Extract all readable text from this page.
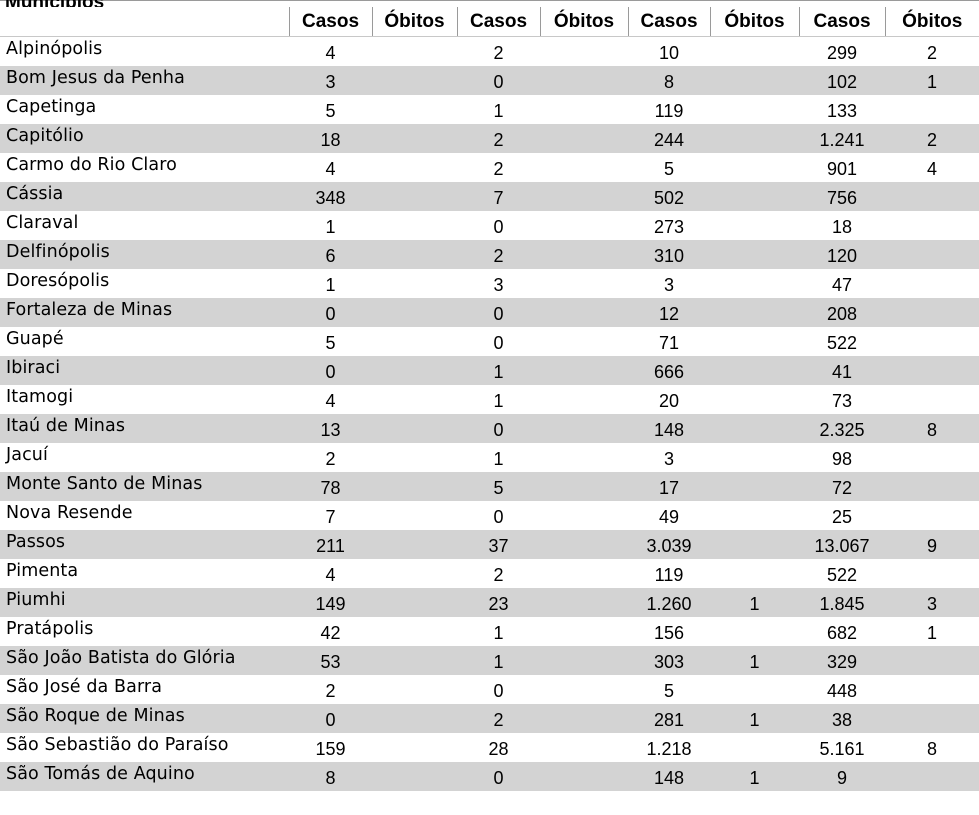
	Casos	Óbitos	Casos	Óbitos	Casos	Óbitos	Casos	Óbitos
Alpinópolis	4		2		10		299	2
Bom Jesus da Penha	3		0		8		102	1
Capetinga	5		1		119		133	
Capitólio	18		2		244		1.241	2
Carmo do Rio Claro	4		2		5		901	4
Cássia	348		7		502		756	
Claraval	1		0		273		18	
Delfinópolis	6		2		310		120	
Doresópolis	1		3		3		47	
Fortaleza de Minas	0		0		12		208	
Guapé	5		0		71		522	
Ibiraci	0		1		666		41	
Itamogi	4		1		20		73	
Itaú de Minas	13		0		148		2.325	8
Jacuí	2		1		3		98	
Monte Santo de Minas	78		5		17		72	
Nova Resende	7		0		49		25	
Passos	211		37		3.039		13.067	9
Pimenta	4		2		119		522	
Piumhi	149		23		1.260	1	1.845	3
Pratápolis	42		1		156		682	1
São João Batista do Glória	53		1		303	1	329	
São José da Barra	2		0		5		448	
São Roque de Minas	0		2		281	1	38	
São Sebastião do Paraíso	159		28		1.218		5.161	8
São Tomás de Aquino	8		0		148	1	9	
